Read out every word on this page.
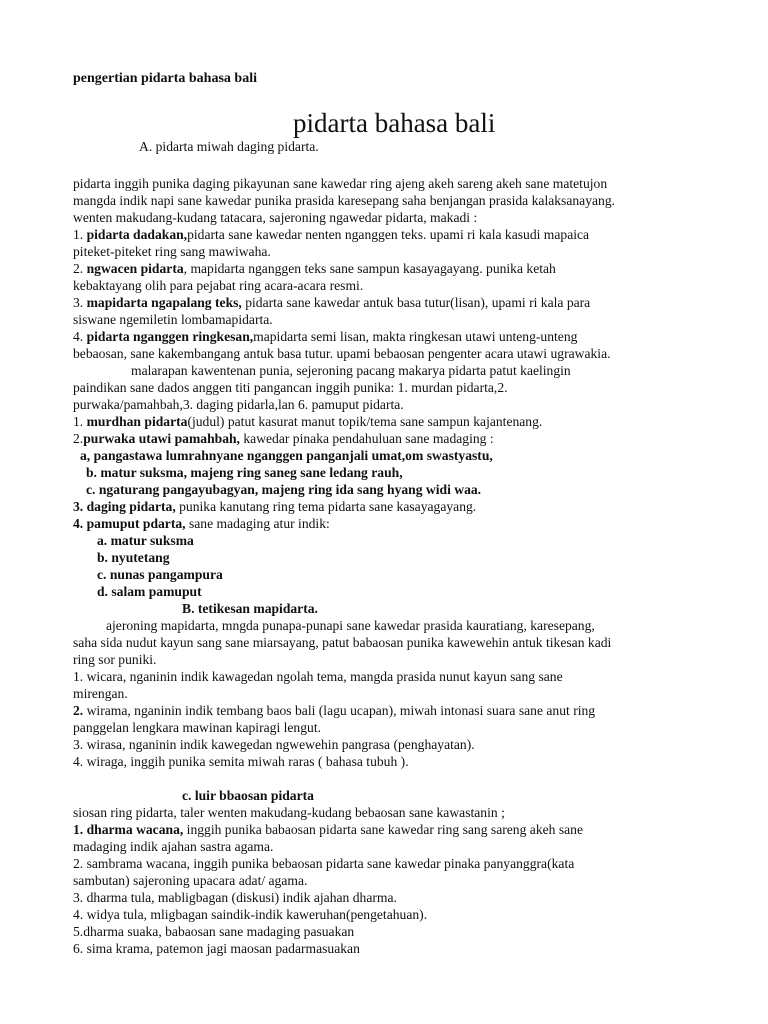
pengertian pidarta bahasa bali
pidarta bahasa bali
A. pidarta miwah daging pidarta.
pidarta inggih punika daging pikayunan sane kawedar ring ajeng akeh sareng akeh sane matetujon
mangda indik napi sane kawedar punika prasida karesepang saha benjangan prasida kalaksanayang.
wenten makudang-kudang tatacara, sajeroning ngawedar pidarta, makadi :
1. pidarta dadakan,pidarta sane kawedar nenten nganggen teks. upami ri kala kasudi mapaica
piteket-piteket ring sang mawiwaha.
2. ngwacen pidarta, mapidarta nganggen teks sane sampun kasayagayang. punika ketah
kebaktayang olih para pejabat ring acara-acara resmi.
3. mapidarta ngapalang teks, pidarta sane kawedar antuk basa tutur(lisan), upami ri kala para
siswane ngemiletin lombamapidarta.
4. pidarta nganggen ringkesan,mapidarta semi lisan, makta ringkesan utawi unteng-unteng
bebaosan, sane kakembangang antuk basa tutur. upami bebaosan pengenter acara utawi ugrawakia.
malarapan kawentenan punia, sejeroning pacang makarya pidarta patut kaelingin
paindikan sane dados anggen titi pangancan inggih punika: 1. murdan pidarta,2.
purwaka/pamahbah,3. daging pidarla,lan 6. pamuput pidarta.
1. murdhan pidarta(judul) patut kasurat manut topik/tema sane sampun kajantenang.
2.purwaka utawi pamahbah, kawedar pinaka pendahuluan sane madaging :
a, pangastawa lumrahnyane nganggen panganjali umat,om swastyastu,
b. matur suksma, majeng ring saneg sane ledang rauh,
c. ngaturang pangayubagyan, majeng ring ida sang hyang widi waa.
3. daging pidarta, punika kanutang ring tema pidarta sane kasayagayang.
4. pamuput pdarta, sane madaging atur indik:
a. matur suksma
b. nyutetang
c. nunas pangampura
d. salam pamuput
B. tetikesan mapidarta.
ajeroning mapidarta, mngda punapa-punapi sane kawedar prasida kauratiang, karesepang,
saha sida nudut kayun sang sane miarsayang, patut babaosan punika kawewehin antuk tikesan kadi
ring sor puniki.
1. wicara, nganinin indik kawagedan ngolah tema, mangda prasida nunut kayun sang sane
mirengan.
2. wirama, nganinin indik tembang baos bali (lagu ucapan), miwah intonasi suara sane anut ring
panggelan lengkara mawinan kapiragi lengut.
3. wirasa, nganinin indik kawegedan ngwewehin pangrasa (penghayatan).
4. wiraga, inggih punika semita miwah raras ( bahasa tubuh ).
c. luir bbaosan pidarta
siosan ring pidarta, taler wenten makudang-kudang bebaosan sane kawastanin ;
1. dharma wacana, inggih punika babaosan pidarta sane kawedar ring sang sareng akeh sane
madaging indik ajahan sastra agama.
2. sambrama wacana, inggih punika bebaosan pidarta sane kawedar pinaka panyanggra(kata
sambutan) sajeroning upacara adat/ agama.
3. dharma tula, mabligbagan (diskusi) indik ajahan dharma.
4. widya tula, mligbagan saindik-indik kaweruhan(pengetahuan).
5.dharma suaka, babaosan sane madaging pasuakan
6. sima krama, patemon jagi maosan padarmasuakan
